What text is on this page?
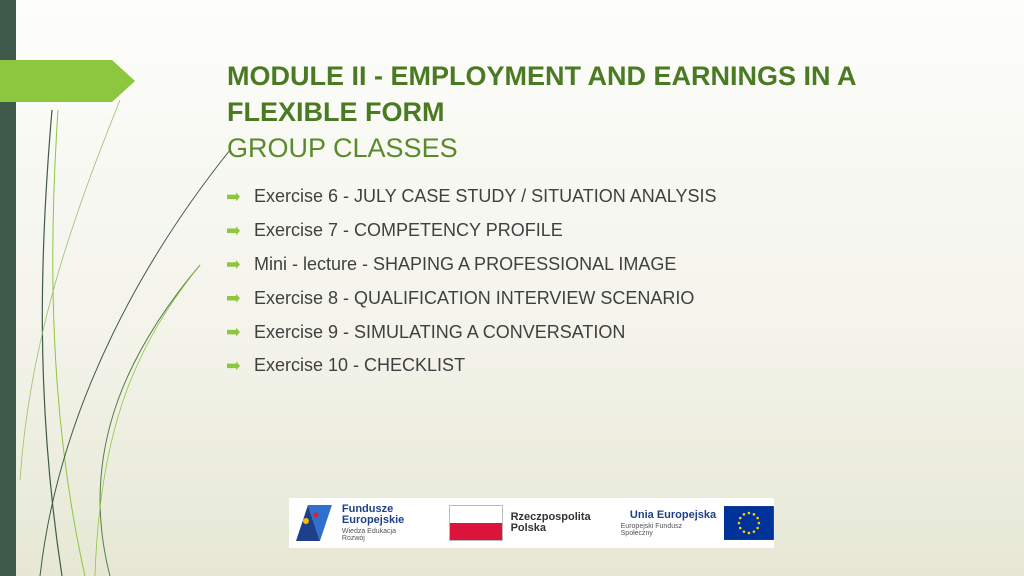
MODULE II - EMPLOYMENT AND EARNINGS IN A
FLEXIBLE FORM
GROUP CLASSES
Exercise 6 - JULY CASE STUDY / SITUATION ANALYSIS
Exercise 7 - COMPETENCY PROFILE
Mini - lecture - SHAPING A PROFESSIONAL IMAGE
Exercise 8 - QUALIFICATION INTERVIEW SCENARIO
Exercise 9 - SIMULATING A CONVERSATION
Exercise 10 - CHECKLIST
Fundusze
Europejskie
Wiedza Edukacja Rozwój
Rzeczpospolita
Polska
Unia Europejska
Europejski Fundusz Społeczny
